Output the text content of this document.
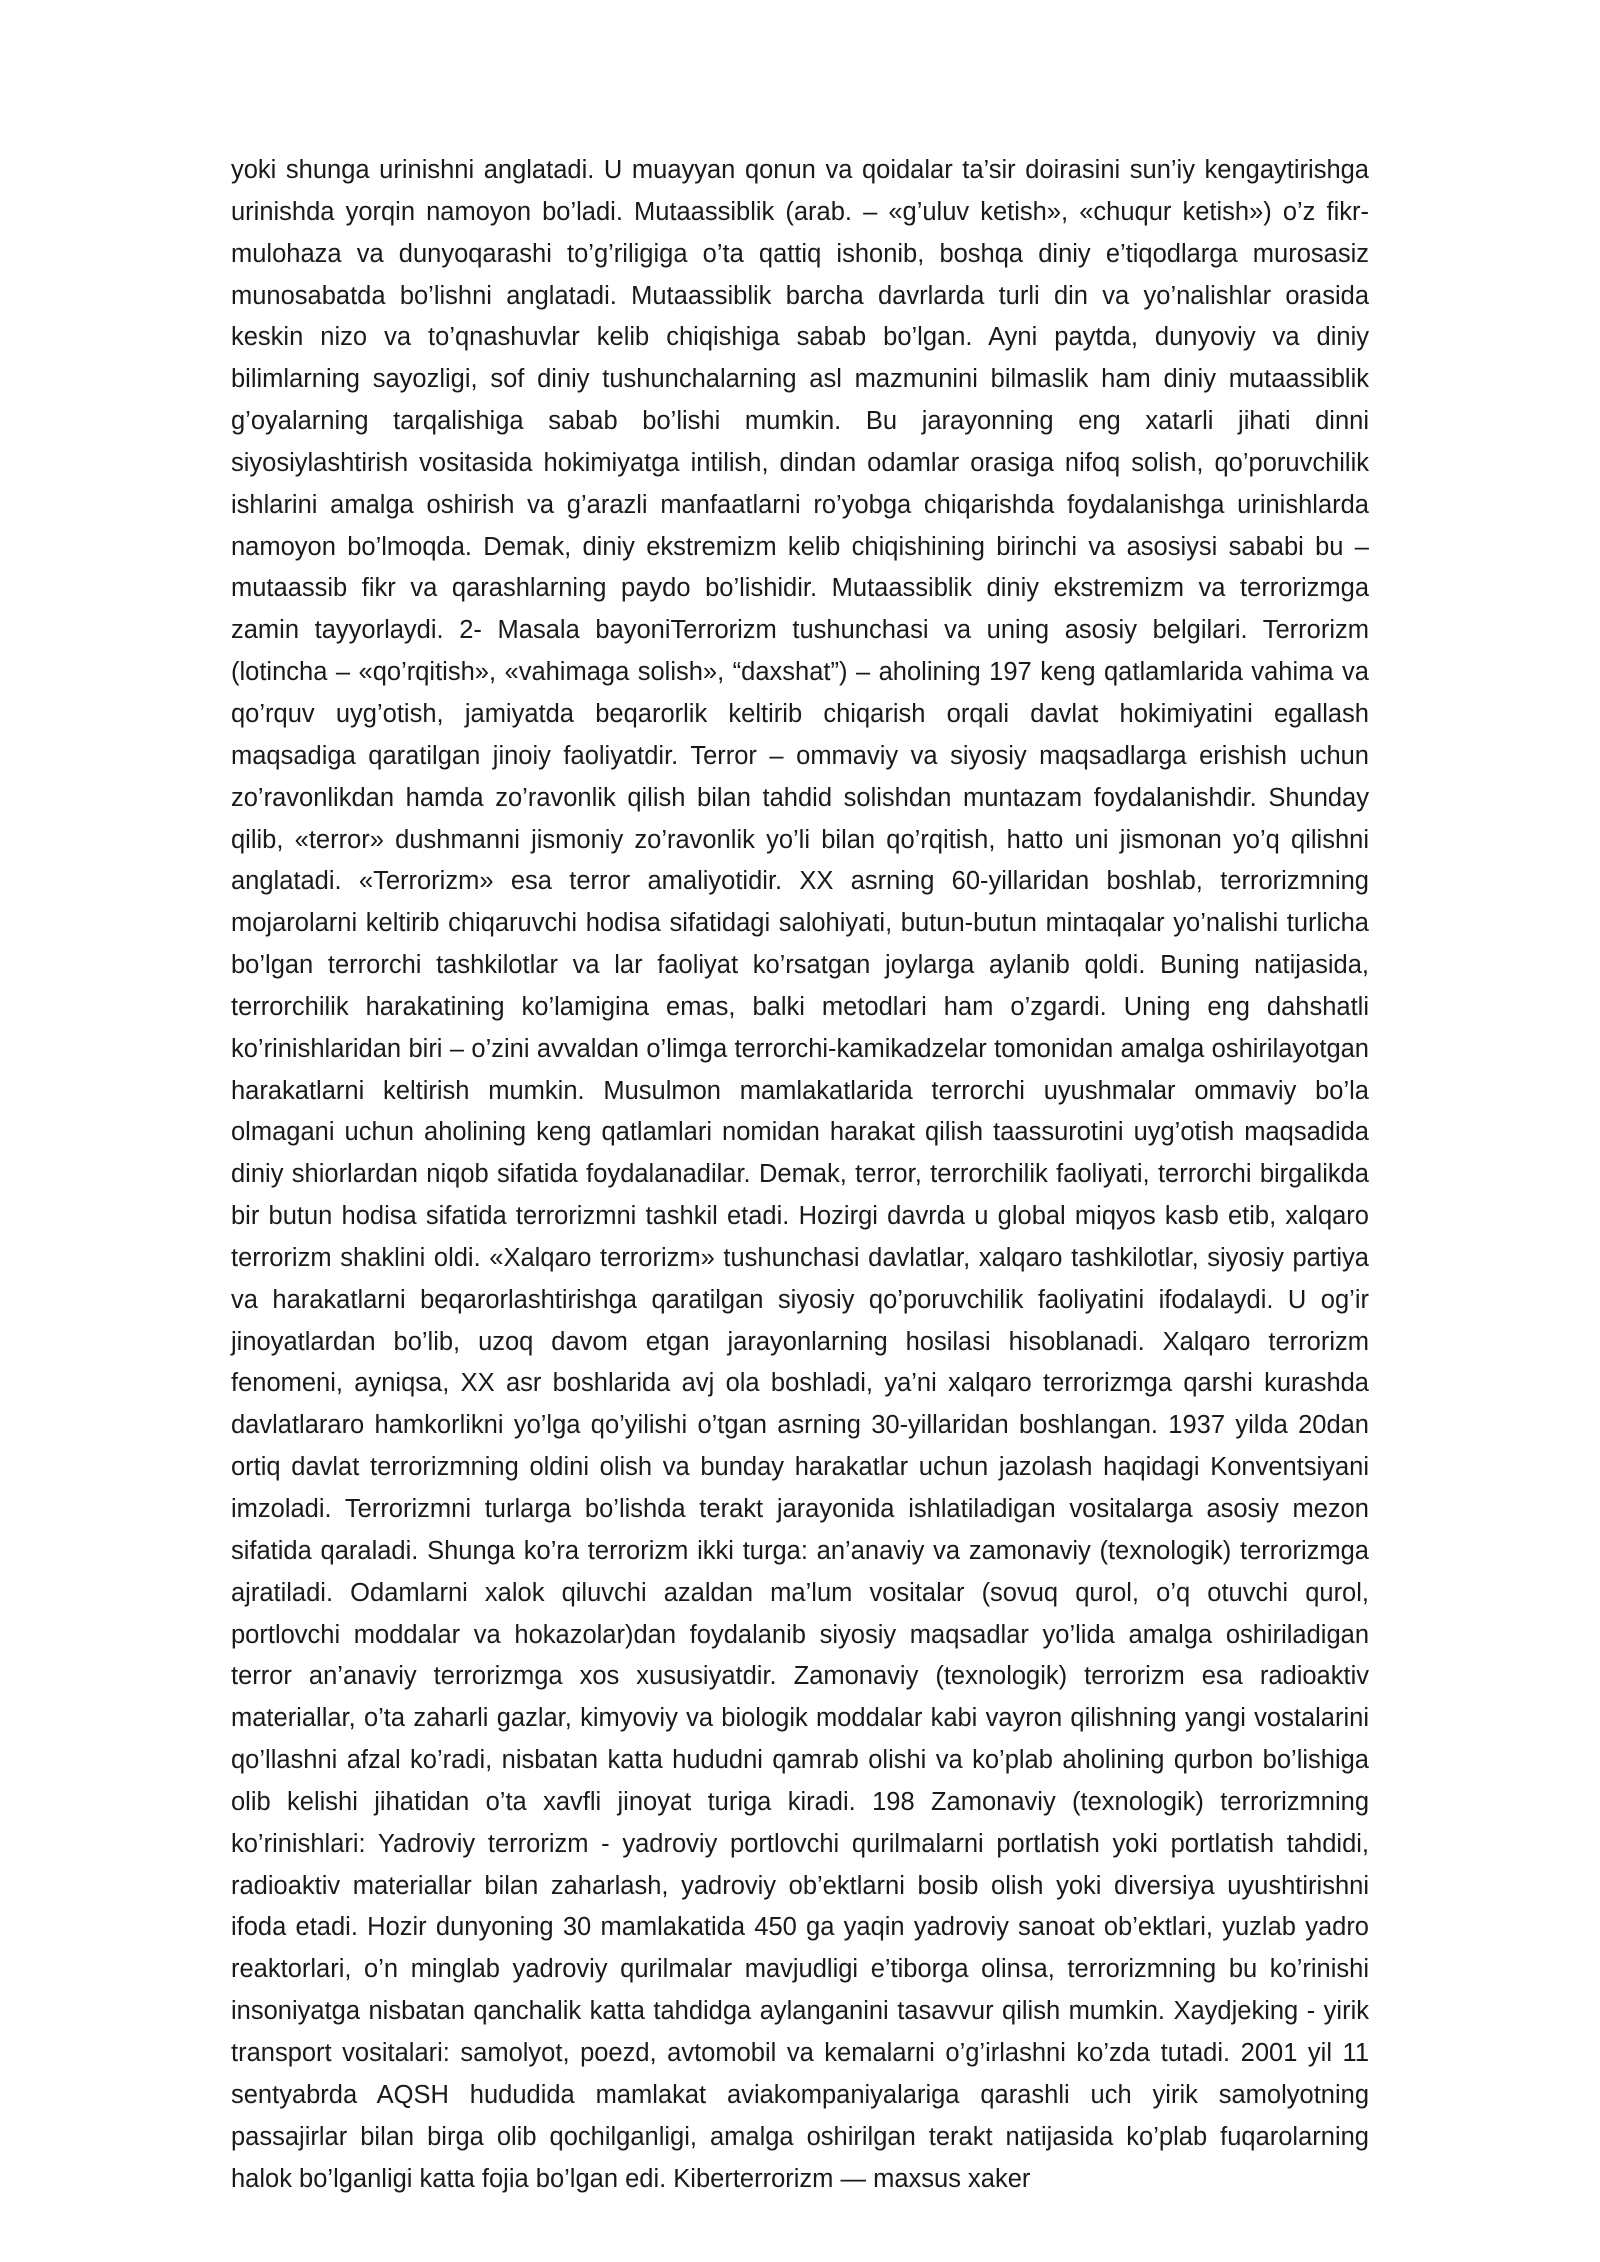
yoki shunga urinishni anglatadi. U muayyan qonun va qoidalar ta’sir doirasini sun’iy kengaytirishga urinishda yorqin namoyon bo’ladi. Mutaassiblik (arab. – «g’uluv ketish», «chuqur ketish») o’z fikr-mulohaza va dunyoqarashi to’g’riligiga o’ta qattiq ishonib, boshqa diniy e’tiqodlarga murosasiz munosabatda bo’lishni anglatadi. Mutaassiblik barcha davrlarda turli din va yo’nalishlar orasida keskin nizo va to’qnashuvlar kelib chiqishiga sabab bo’lgan. Ayni paytda, dunyoviy va diniy bilimlarning sayozligi, sof diniy tushunchalarning asl mazmunini bilmaslik ham diniy mutaassiblik g’oyalarning tarqalishiga sabab bo’lishi mumkin. Bu jarayonning eng xatarli jihati dinni siyosiylashtirish vositasida hokimiyatga intilish, dindan odamlar orasiga nifoq solish, qo’poruvchilik ishlarini amalga oshirish va g’arazli manfaatlarni ro’yobga chiqarishda foydalanishga urinishlarda namoyon bo’lmoqda. Demak, diniy ekstremizm kelib chiqishining birinchi va asosiysi sababi bu – mutaassib fikr va qarashlarning paydo bo’lishidir. Mutaassiblik diniy ekstremizm va terrorizmga zamin tayyorlaydi. 2- Masala bayoniTerrorizm tushunchasi va uning asosiy belgilari. Terrorizm (lotincha – «qo’rqitish», «vahimaga solish», “daxshat”) – aholining 197 keng qatlamlarida vahima va qo’rquv uyg’otish, jamiyatda beqarorlik keltirib chiqarish orqali davlat hokimiyatini egallash maqsadiga qaratilgan jinoiy faoliyatdir. Terror – ommaviy va siyosiy maqsadlarga erishish uchun zo’ravonlikdan hamda zo’ravonlik qilish bilan tahdid solishdan muntazam foydalanishdir. Shunday qilib, «terror» dushmanni jismoniy zo’ravonlik yo’li bilan qo’rqitish, hatto uni jismonan yo’q qilishni anglatadi. «Terrorizm» esa terror amaliyotidir. XX asrning 60-yillaridan boshlab, terrorizmning mojarolarni keltirib chiqaruvchi hodisa sifatidagi salohiyati, butun-butun mintaqalar yo’nalishi turlicha bo’lgan terrorchi tashkilotlar va lar faoliyat ko’rsatgan joylarga aylanib qoldi. Buning natijasida, terrorchilik harakatining ko’lamigina emas, balki metodlari ham o’zgardi. Uning eng dahshatli ko’rinishlaridan biri – o’zini avvaldan o’limga terrorchi-kamikadzelar tomonidan amalga oshirilayotgan harakatlarni keltirish mumkin. Musulmon mamlakatlarida terrorchi uyushmalar ommaviy bo’la olmagani uchun aholining keng qatlamlari nomidan harakat qilish taassurotini uyg’otish maqsadida diniy shiorlardan niqob sifatida foydalanadilar. Demak, terror, terrorchilik faoliyati, terrorchi birgalikda bir butun hodisa sifatida terrorizmni tashkil etadi. Hozirgi davrda u global miqyos kasb etib, xalqaro terrorizm shaklini oldi. «Xalqaro terrorizm» tushunchasi davlatlar, xalqaro tashkilotlar, siyosiy partiya va harakatlarni beqarorlashtirishga qaratilgan siyosiy qo’poruvchilik faoliyatini ifodalaydi. U og’ir jinoyatlardan bo’lib, uzoq davom etgan jarayonlarning hosilasi hisoblanadi. Xalqaro terrorizm fenomeni, ayniqsa, XX asr boshlarida avj ola boshladi, ya’ni xalqaro terrorizmga qarshi kurashda davlatlararo hamkorlikni yo’lga qo’yilishi o’tgan asrning 30-yillaridan boshlangan. 1937 yilda 20dan ortiq davlat terrorizmning oldini olish va bunday harakatlar uchun jazolash haqidagi Konventsiyani imzoladi. Terrorizmni turlarga bo’lishda terakt jarayonida ishlatiladigan vositalarga asosiy mezon sifatida qaraladi. Shunga ko’ra terrorizm ikki turga: an’anaviy va zamonaviy (texnologik) terrorizmga ajratiladi. Odamlarni xalok qiluvchi azaldan ma’lum vositalar (sovuq qurol, o’q otuvchi qurol, portlovchi moddalar va hokazolar)dan foydalanib siyosiy maqsadlar yo’lida amalga oshiriladigan terror an’anaviy terrorizmga xos xususiyatdir. Zamonaviy (texnologik) terrorizm esa radioaktiv materiallar, o’ta zaharli gazlar, kimyoviy va biologik moddalar kabi vayron qilishning yangi vostalarini qo’llashni afzal ko’radi, nisbatan katta hududni qamrab olishi va ko’plab aholining qurbon bo’lishiga olib kelishi jihatidan o’ta xavfli jinoyat turiga kiradi. 198 Zamonaviy (texnologik) terrorizmning ko’rinishlari: Yadroviy terrorizm - yadroviy portlovchi qurilmalarni portlatish yoki portlatish tahdidi, radioaktiv materiallar bilan zaharlash, yadroviy ob’ektlarni bosib olish yoki diversiya uyushtirishni ifoda etadi. Hozir dunyoning 30 mamlakatida 450 ga yaqin yadroviy sanoat ob’ektlari, yuzlab yadro reaktorlari, o’n minglab yadroviy qurilmalar mavjudligi e’tiborga olinsa, terrorizmning bu ko’rinishi insoniyatga nisbatan qanchalik katta tahdidga aylanganini tasavvur qilish mumkin. Xaydjeking - yirik transport vositalari: samolyot, poezd, avtomobil va kemalarni o’g’irlashni ko’zda tutadi. 2001 yil 11 sentyabrda AQSH hududida mamlakat aviakompaniyalariga qarashli uch yirik samolyotning passajirlar bilan birga olib qochilganligi, amalga oshirilgan terakt natijasida ko’plab fuqarolarning halok bo’lganligi katta fojia bo’lgan edi. Kiberterrorizm — maxsus xaker
